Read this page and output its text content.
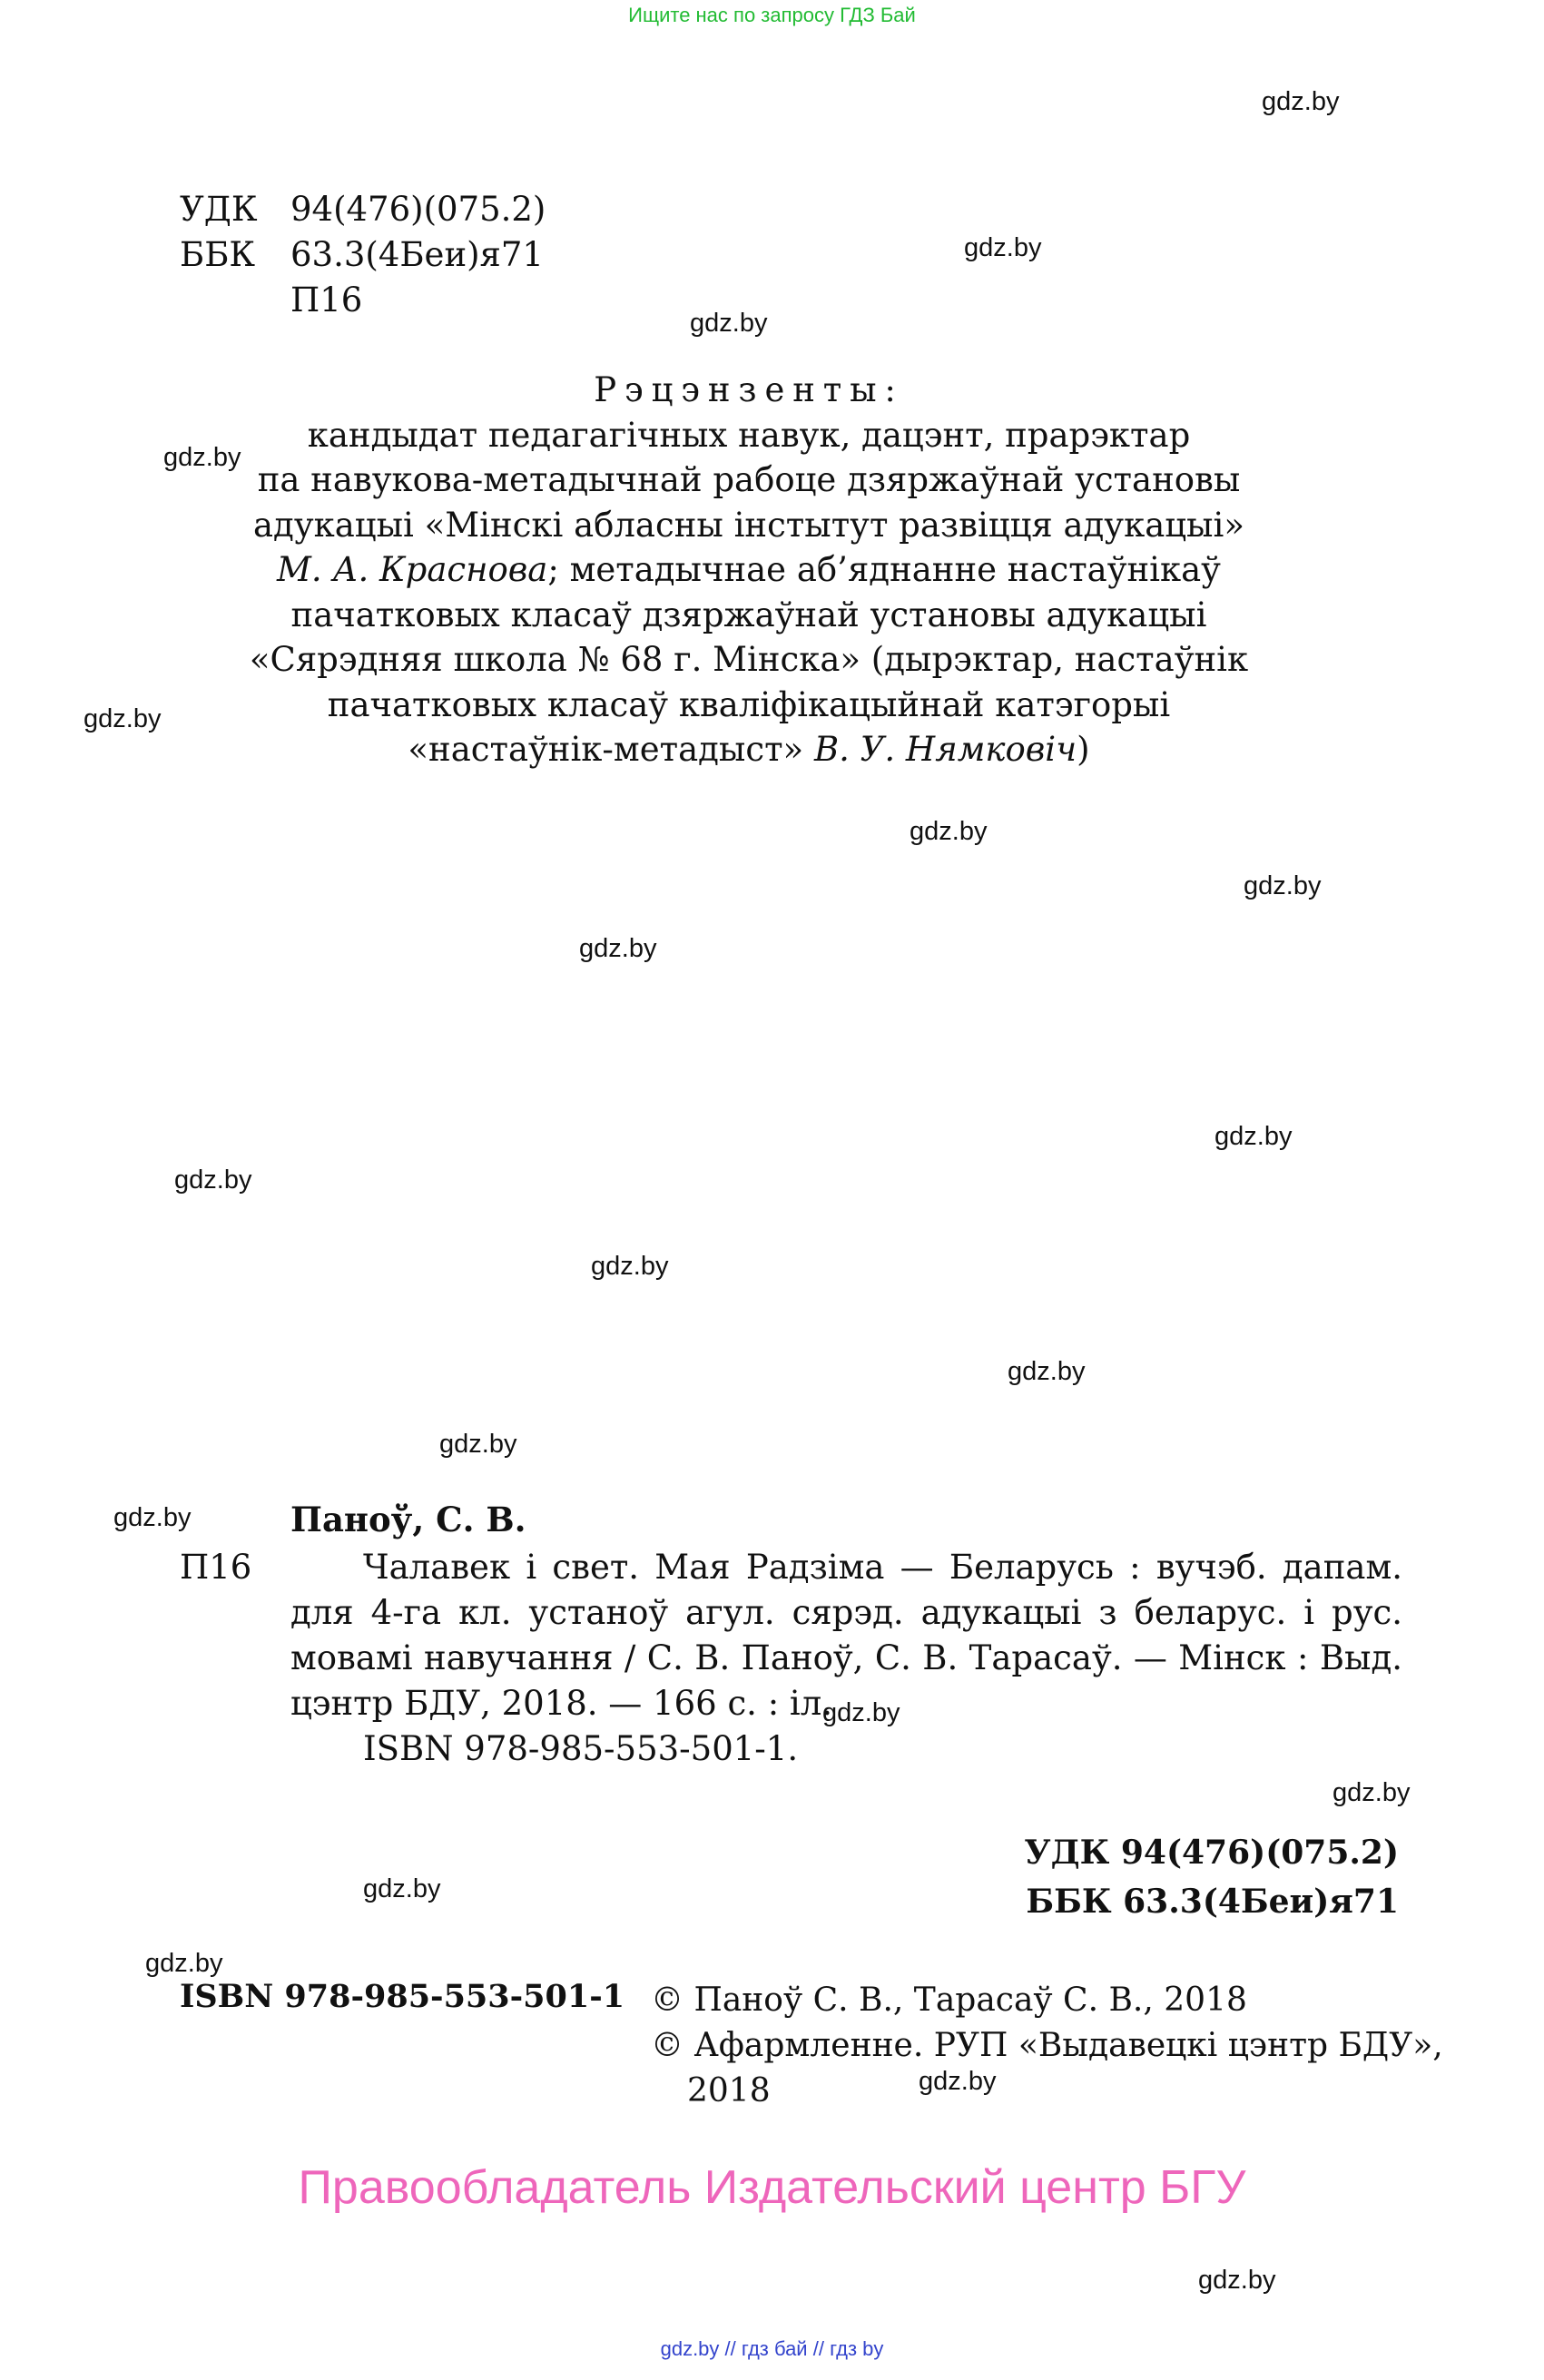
Ищите нас по запросу ГДЗ Бай
gdz.by
gdz.by
gdz.by
gdz.by
gdz.by
gdz.by
gdz.by
gdz.by
gdz.by
gdz.by
gdz.by
gdz.by
gdz.by
gdz.by
gdz.by
gdz.by
gdz.by
gdz.by
gdz.by
gdz.by
УДК 94(476)(075.2)
ББК 63.3(4Беи)я71
П16
Рэцэнзенты:
кандыдат педагагічных навук, дацэнт, прарэктар
па навукова-метадычнай рабоце дзяржаўнай установы
адукацыі «Мінскі абласны інстытут развіцця адукацыі»
М. А. Краснова; метадычнае аб’яднанне настаўнікаў
пачатковых класаў дзяржаўнай установы адукацыі
«Сярэдняя школа № 68 г. Мінска» (дырэктар, настаўнік
пачатковых класаў кваліфікацыйнай катэгорыі
«настаўнік-метадыст» В. У. Нямковіч)
Паноў, С. В.
П16	Чалавек і свет. Мая Радзіма — Беларусь : вучэб. дапам. для 4-га кл. устаноў агул. сярэд. адукацыі з беларус. і рус. мовамі навучання / С. В. Паноў, С. В. Тарасаў. — Мінск : Выд. цэнтр БДУ, 2018. — 166 с. : іл.
ISBN 978-985-553-501-1.
УДК 94(476)(075.2)
ББК 63.3(4Беи)я71
ISBN 978-985-553-501-1 © Паноў С. В., Тарасаў С. В., 2018
© Афармленне. РУП «Выдавецкі цэнтр БДУ»,
2018
Правообладатель Издательский центр БГУ
gdz.by // гдз бай // гдз by
